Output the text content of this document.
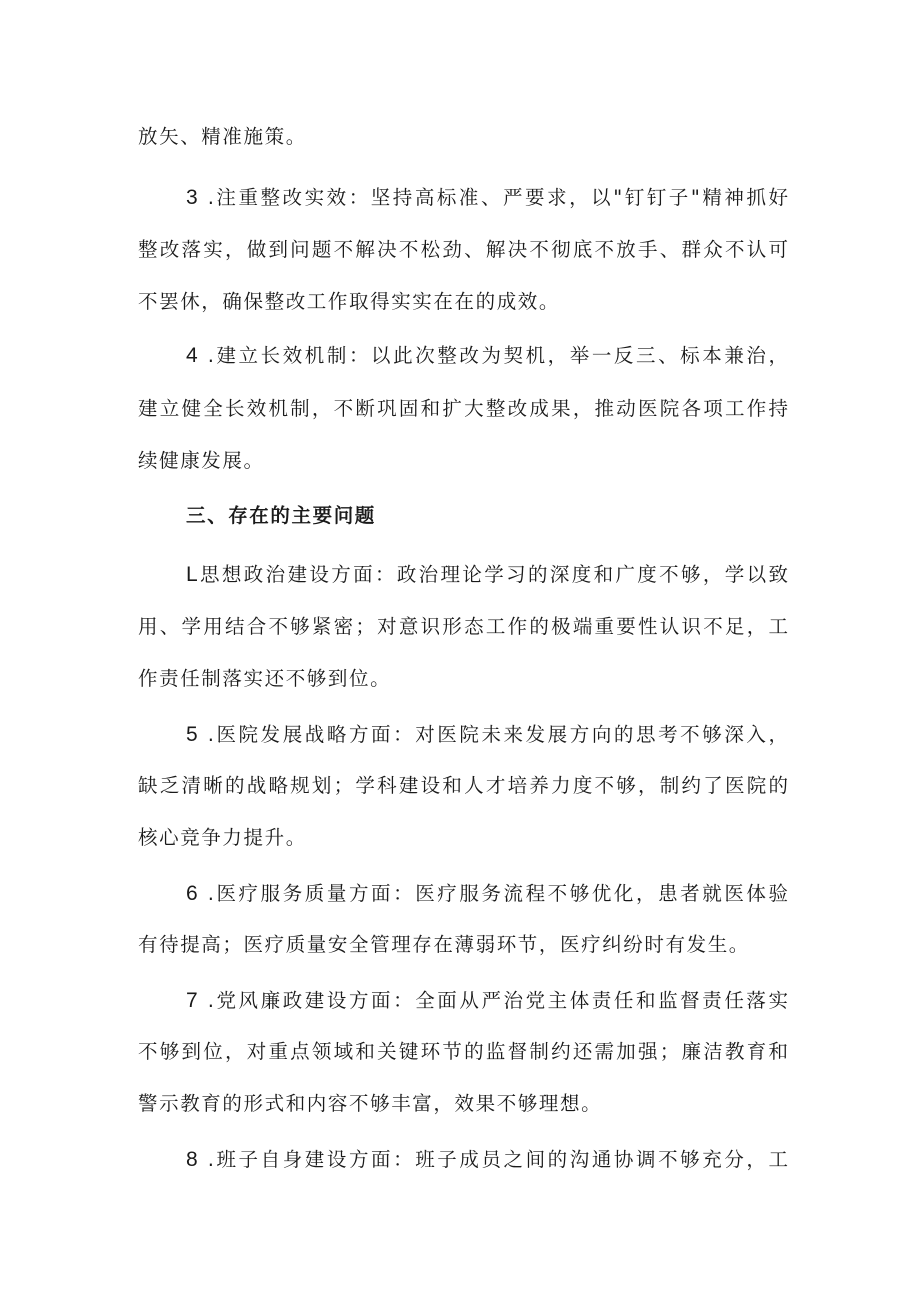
放矢、精准施策。
3 .注重整改实效：坚持高标准、严要求，以"钉钉子"精神抓好
整改落实，做到问题不解决不松劲、解决不彻底不放手、群众不认可
不罢休，确保整改工作取得实实在在的成效。
4 .建立长效机制：以此次整改为契机，举一反三、标本兼治，
建立健全长效机制，不断巩固和扩大整改成果，推动医院各项工作持
续健康发展。
三、存在的主要问题
L思想政治建设方面：政治理论学习的深度和广度不够，学以致
用、学用结合不够紧密；对意识形态工作的极端重要性认识不足，工
作责任制落实还不够到位。
5 .医院发展战略方面：对医院未来发展方向的思考不够深入，
缺乏清晰的战略规划；学科建设和人才培养力度不够，制约了医院的
核心竞争力提升。
6 .医疗服务质量方面：医疗服务流程不够优化，患者就医体验
有待提高；医疗质量安全管理存在薄弱环节，医疗纠纷时有发生。
7 .党风廉政建设方面：全面从严治党主体责任和监督责任落实
不够到位，对重点领域和关键环节的监督制约还需加强；廉洁教育和
警示教育的形式和内容不够丰富，效果不够理想。
8 .班子自身建设方面：班子成员之间的沟通协调不够充分，工
